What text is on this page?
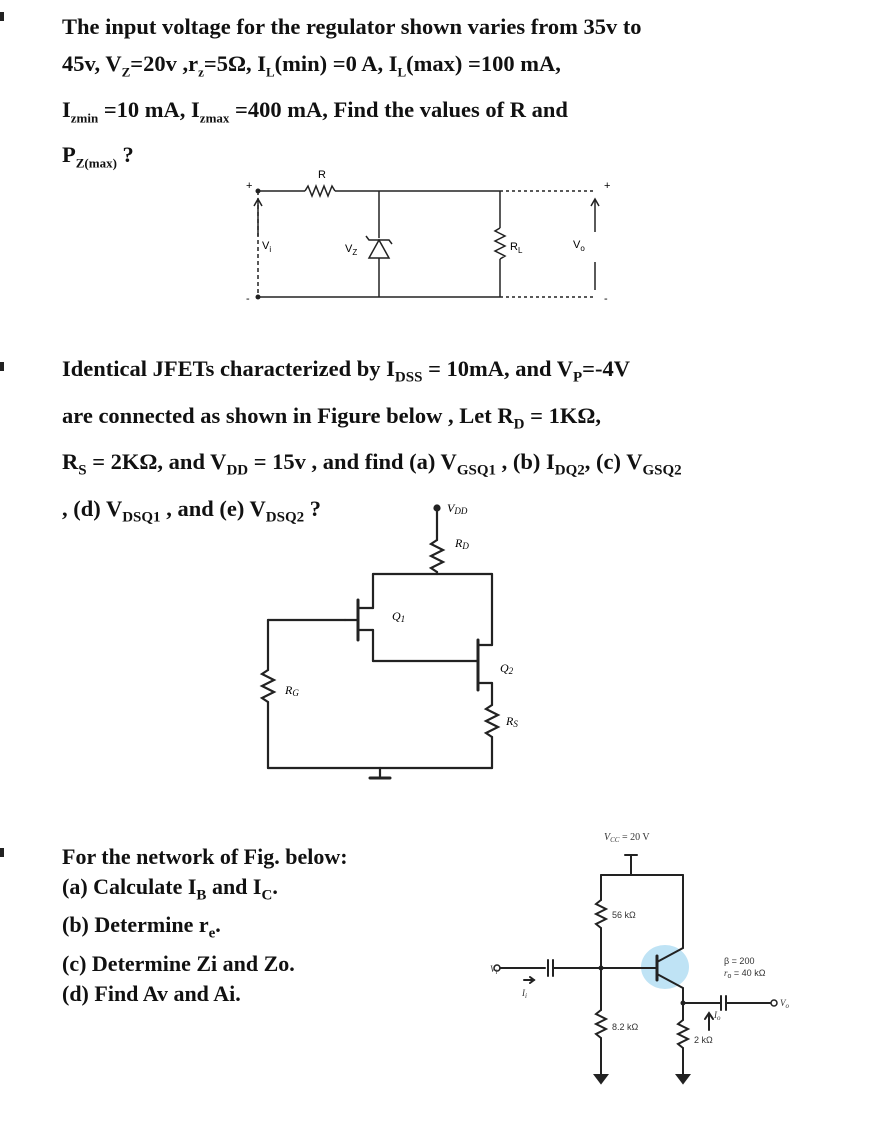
The input voltage for the regulator shown varies from 35v to
45v, $V_Z=20v$ $,r_z=5\Omega$, $I_L(\min) =0$ A, $I_L(\max) =100$ mA,
$I_{zmin} =10$ mA, $I_{zmax} =400$ mA, Find the values of R and
$P_{Z(max)}$ ?
R
+	+
-	-
$V_i$	$V_Z$	$R_L$	$V_o$
Identical JFETs characterized by $I_{DSS} = 10mA$, and $V_P=-4V$
are connected as shown in Figure below , Let $R_D = 1K\Omega$,
$R_S = 2K\Omega$, and $V_{DD} = 15v$ , and find (a) $V_{GSQ1}$ , (b) $I_{DQ2}$, (c) $V_{GSQ2}$
, (d) $V_{DSQ1}$ , and (e) $V_{DSQ2}$ ?	VDD
RD
Q1
Q2
RG
RS
For the network of Fig. below:
(a) Calculate $I_B$ and $I_C$.
(b) Determine $r_e$.
(c) Determine Zi and Zo.
(d) Find Av and Ai.
$V_{CC} = 20$ V
56 kΩ
8.2 kΩ
2 kΩ
β = 200
$r_o = 40$ kΩ
$V_i$
$I_i$
$I_o$
$V_o$
